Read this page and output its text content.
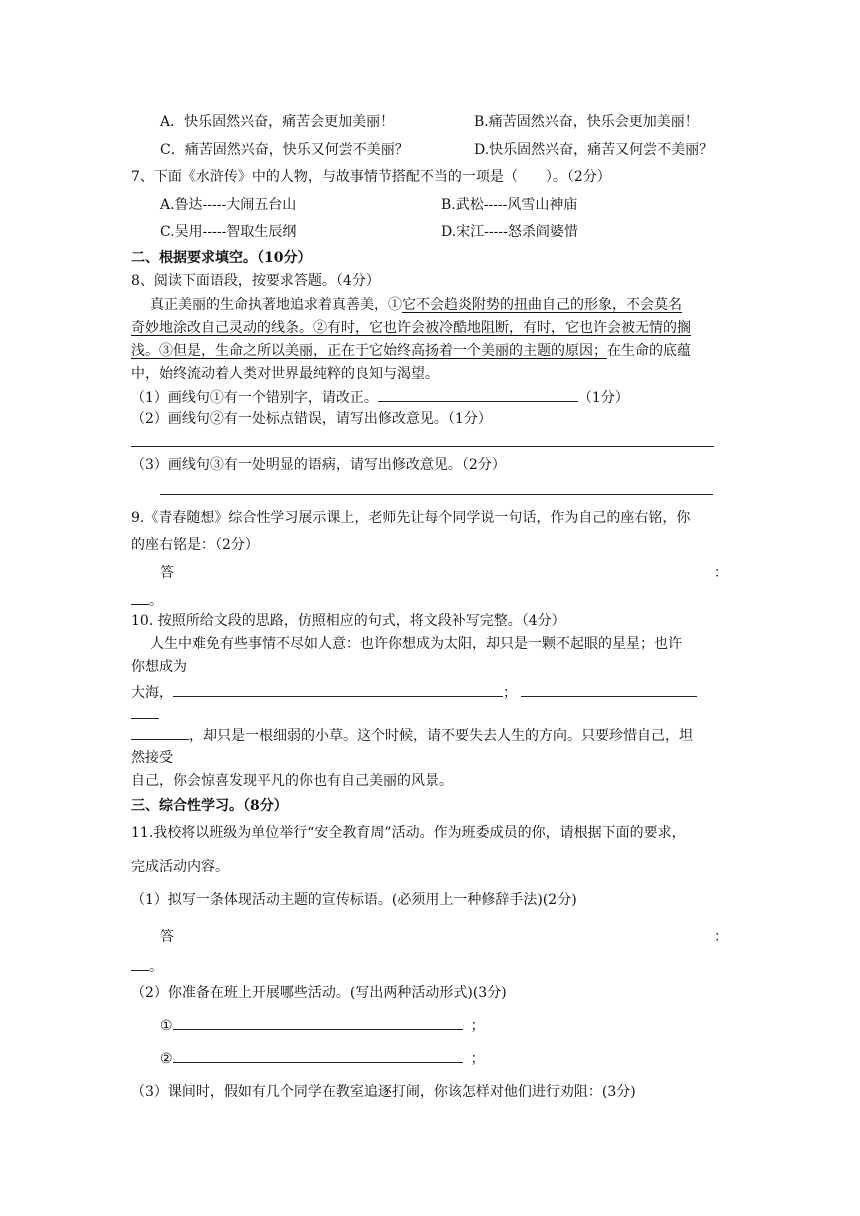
A．快乐固然兴奋，痛苦会更加美丽！	B.痛苦固然兴奋，快乐会更加美丽！
C．痛苦固然兴奋，快乐又何尝不美丽？	D.快乐固然兴奋，痛苦又何尝不美丽？
7、下面《水浒传》中的人物，与故事情节搭配不当的一项是（　　）。（2分）
A.鲁达-----大闹五台山	B.武松-----风雪山神庙
C.吴用-----智取生辰纲	D.宋江-----怒杀阎婆惜
二、根据要求填空。（10分）
8、阅读下面语段，按要求答题。（4分）
真正美丽的生命执著地追求着真善美，①它不会趋炎附势的扭曲自己的形象，不会莫名
奇妙地涂改自己灵动的线条。②有时，它也许会被冷酷地阻断，有时，它也许会被无情的搁
浅。③但是，生命之所以美丽，正在于它始终高扬着一个美丽的主题的原因；在生命的底蕴
中，始终流动着人类对世界最纯粹的良知与渴望。
（1）画线句①有一个错别字，请改正。	（1分）
（2）画线句②有一处标点错误，请写出修改意见。（1分）
（3）画线句③有一处明显的语病，请写出修改意见。（2分）
9.《青春随想》综合性学习展示课上，老师先让每个同学说一句话，作为自己的座右铭，你
的座右铭是：（2分）
答	：
。
10. 按照所给文段的思路，仿照相应的句式，将文段补写完整。（4分）
人生中难免有些事情不尽如人意：也许你想成为太阳，却只是一颗不起眼的星星；也许
你想成为
大海，	；
，却只是一根细弱的小草。这个时候，请不要失去人生的方向。只要珍惜自己，坦
然接受
自己，你会惊喜发现平凡的你也有自己美丽的风景。
三、综合性学习。（8分）
11.我校将以班级为单位举行“安全教育周”活动。作为班委成员的你，请根据下面的要求，
完成活动内容。
（1）拟写一条体现活动主题的宣传标语。(必须用上一种修辞手法)(2分)
答	：
。
（2）你准备在班上开展哪些活动。(写出两种活动形式)(3分)
①	；
②	；
（3）课间时，假如有几个同学在教室追逐打闹，你该怎样对他们进行劝阻：(3分)
